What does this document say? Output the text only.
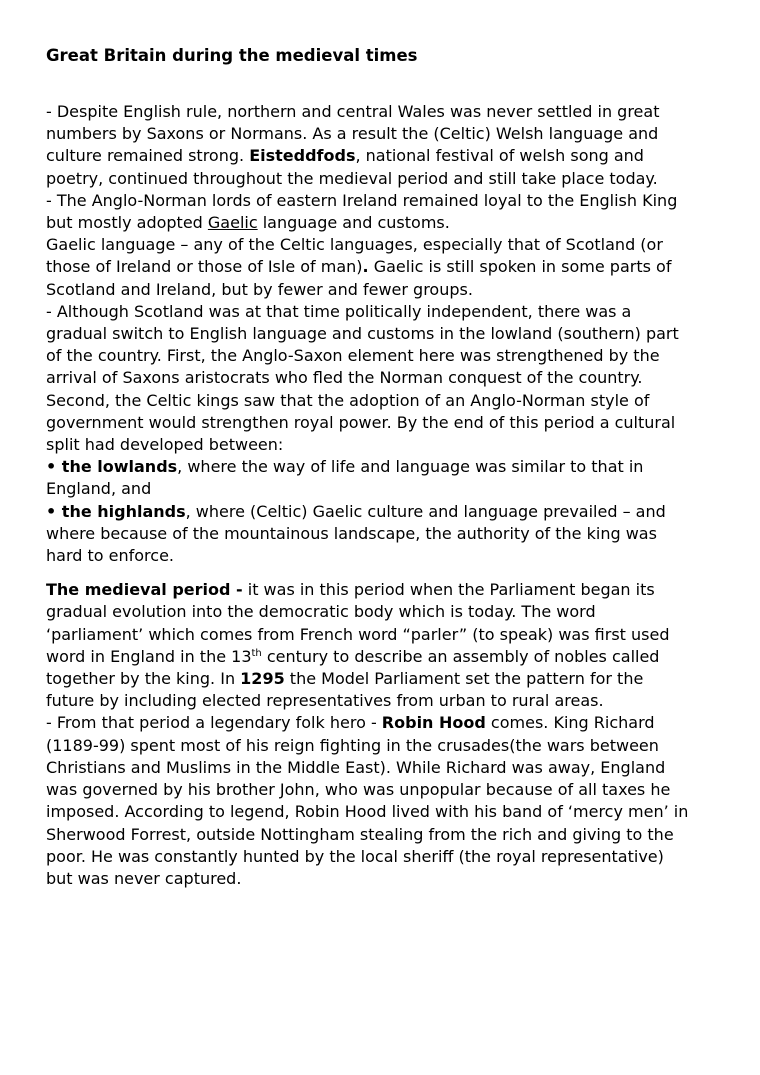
Great Britain during the medieval times
- Despite English rule, northern and central Wales was never settled in great
numbers by Saxons or Normans. As a result the (Celtic) Welsh language and
culture remained strong. Eisteddfods, national festival of welsh song and
poetry, continued throughout the medieval period and still take place today.
- The Anglo-Norman lords of eastern Ireland remained loyal to the English King
but mostly adopted Gaelic language and customs.
Gaelic language – any of the Celtic languages, especially that of Scotland (or
those of Ireland or those of Isle of man). Gaelic is still spoken in some parts of
Scotland and Ireland, but by fewer and fewer groups.
- Although Scotland was at that time politically independent, there was a
gradual switch to English language and customs in the lowland (southern) part
of the country. First, the Anglo-Saxon element here was strengthened by the
arrival of Saxons aristocrats who fled the Norman conquest of the country.
Second, the Celtic kings saw that the adoption of an Anglo-Norman style of
government would strengthen royal power. By the end of this period a cultural
split had developed between:
• the lowlands, where the way of life and language was similar to that in
England, and
• the highlands, where (Celtic) Gaelic culture and language prevailed – and
where because of the mountainous landscape, the authority of the king was
hard to enforce.
The medieval period - it was in this period when the Parliament began its
gradual evolution into the democratic body which is today. The word
‘parliament’ which comes from French word “parler” (to speak) was first used
word in England in the 13th century to describe an assembly of nobles called
together by the king. In 1295 the Model Parliament set the pattern for the
future by including elected representatives from urban to rural areas.
- From that period a legendary folk hero - Robin Hood comes. King Richard
(1189-99) spent most of his reign fighting in the crusades(the wars between
Christians and Muslims in the Middle East). While Richard was away, England
was governed by his brother John, who was unpopular because of all taxes he
imposed. According to legend, Robin Hood lived with his band of ‘mercy men’ in
Sherwood Forrest, outside Nottingham stealing from the rich and giving to the
poor. He was constantly hunted by the local sheriff (the royal representative)
but was never captured.
